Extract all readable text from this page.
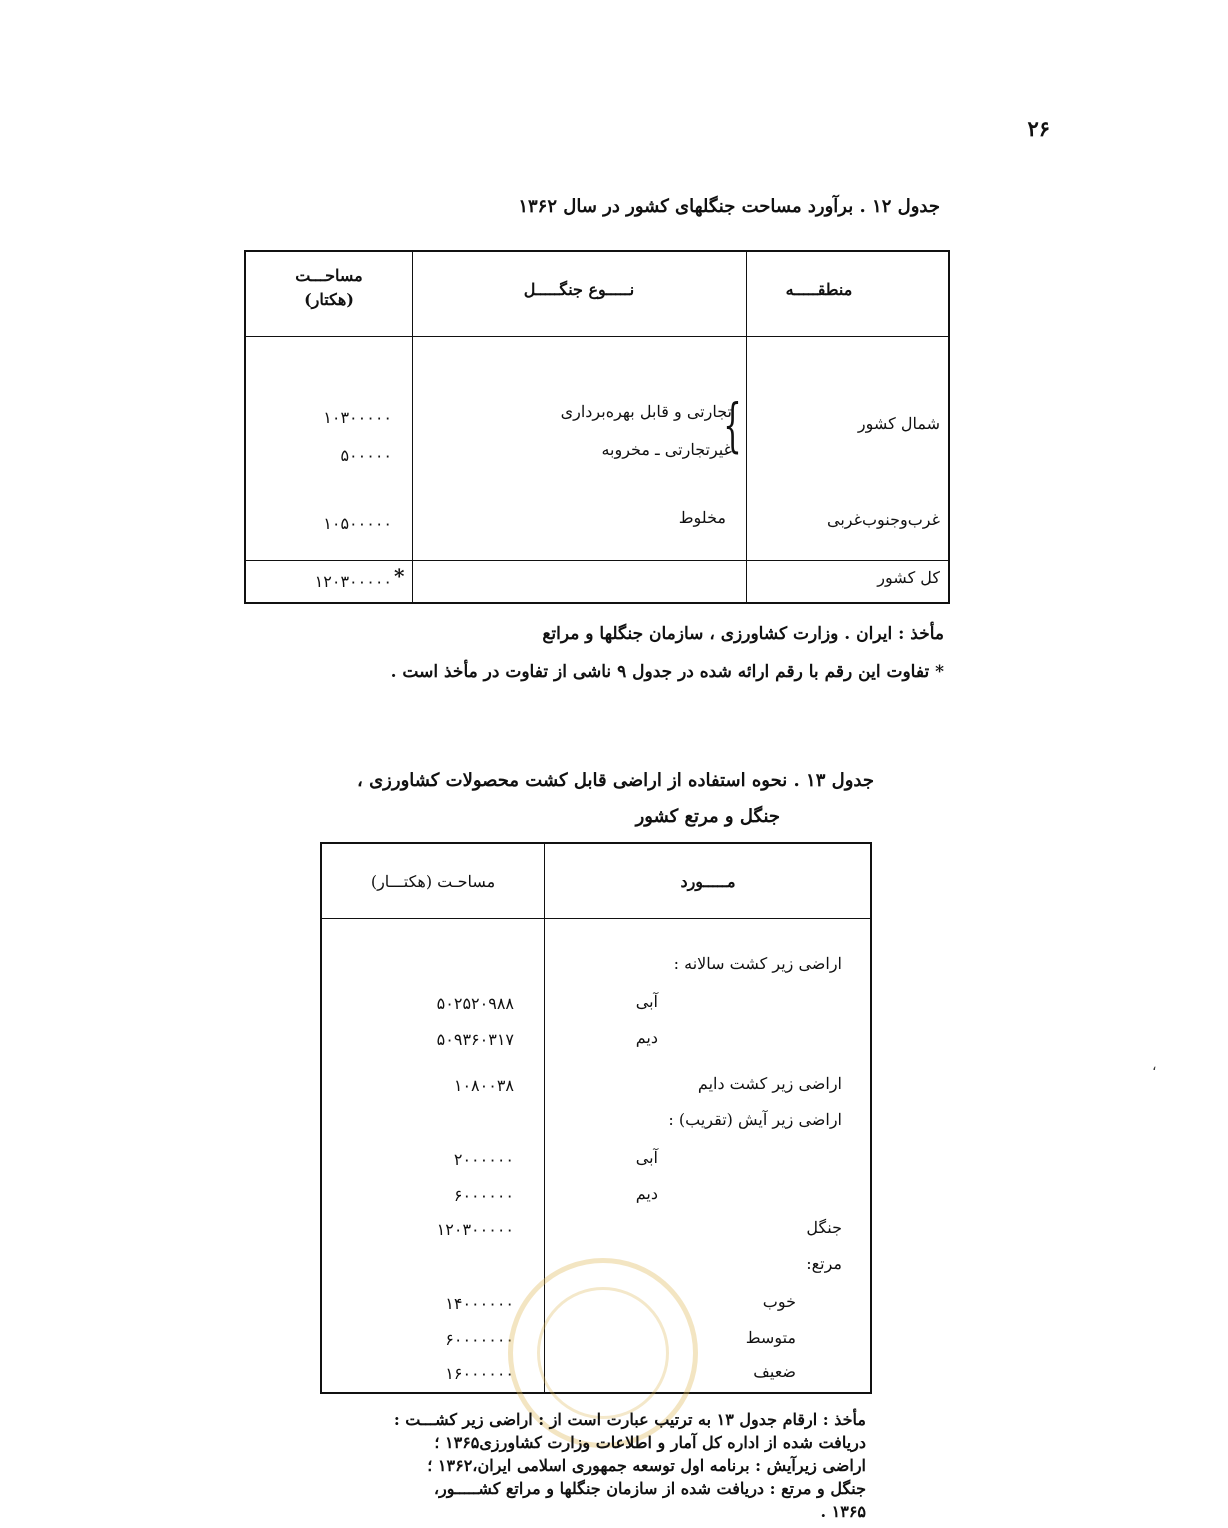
۲۶
جدول ۱۲ . برآورد مساحت جنگلهای کشور در سال ۱۳۶۲
منطقـــــه
نـــــوع جنگـــــل
مساحـــت
(هکتار)
شمال کشور
{
تجارتی و قابل بهره‌برداری
غیرتجارتی ـ مخروبه
۱۰۳۰۰۰۰۰
۵۰۰۰۰۰
غرب‌وجنوب‌غربی
مخلوط
۱۰۵۰۰۰۰۰
کل کشور
۱۲۰۳۰۰۰۰۰ *
مأخذ : ایران . وزارت کشاورزی ، سازمان جنگلها و مراتع
* تفاوت این رقم با رقم ارائه شده در جدول ۹ ناشی از تفاوت در مأخذ است .
جدول ۱۳ . نحوه استفاده از اراضی قابل کشت محصولات کشاورزی ،
جنگل و مرتع کشور
مـــــورد
مساحـت (هکتـــار)
اراضی زیر کشت سالانه :
آبی
۵۰۲۵۲۰۹۸۸
دیم
۵۰۹۳۶۰۳۱۷
اراضی زیر کشت دایم
۱۰۸۰۰۳۸
اراضی زیر آیش (تقریب) :
آبی
۲۰۰۰۰۰۰
دیم
۶۰۰۰۰۰۰
جنگل
۱۲۰۳۰۰۰۰۰
مرتع:
خوب
۱۴۰۰۰۰۰۰
متوسط
۶۰۰۰۰۰۰۰
ضعیف
۱۶۰۰۰۰۰۰
مأخذ : ارقام جدول ۱۳ به ترتیب عبارت است از : اراضی زیر کشـــت :
دریافت شده از اداره کل آمار و اطلاعات وزارت کشاورزی۱۳۶۵ ؛
اراضی زیرآیش : برنامه اول توسعه جمهوری اسلامی ایران،۱۳۶۲ ؛
جنگل و مرتع : دریافت شده از سازمان جنگلها و مراتع کشـــــور،
۱۳۶۵ .
،
